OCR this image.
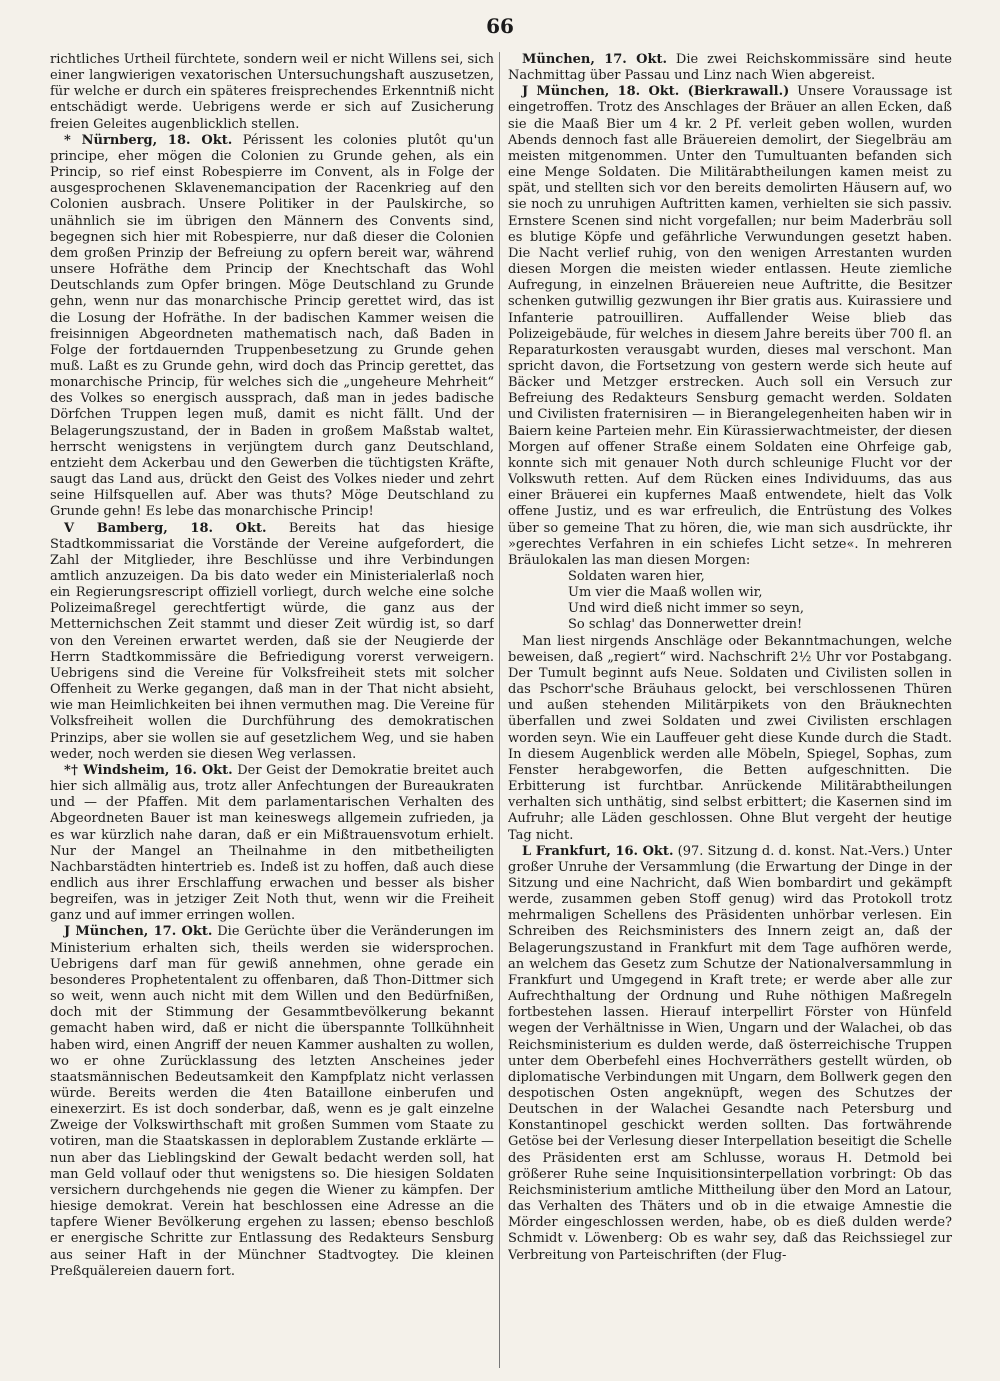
66

richtliches Urtheil fürchtete, sondern weil er nicht Willens sei, sich einer langwierigen vexatorischen Untersuchungshaft auszusetzen, für welche er durch ein späteres freisprechendes Erkenntniß nicht entschädigt werde. Uebrigens werde er sich auf Zusicherung freien Geleites augenblicklich stellen.

* Nürnberg, 18. Okt. Périssent les colonies plutôt qu'un principe, eher mögen die Colonien zu Grunde gehen, als ein Princip, so rief einst Robespierre im Convent, als in Folge der ausgesprochenen Sklavenemancipation der Racenkrieg auf den Colonien ausbrach. Unsere Politiker in der Paulskirche, so unähnlich sie im übrigen den Männern des Convents sind, begegnen sich hier mit Robespierre, nur daß dieser die Colonien dem großen Prinzip der Befreiung zu opfern bereit war, während unsere Hofräthe dem Princip der Knechtschaft das Wohl Deutschlands zum Opfer bringen. Möge Deutschland zu Grunde gehn, wenn nur das monarchische Princip gerettet wird, das ist die Losung der Hofräthe. In der badischen Kammer weisen die freisinnigen Abgeordneten mathematisch nach, daß Baden in Folge der fortdauernden Truppenbesetzung zu Grunde gehen muß. Laßt es zu Grunde gehn, wird doch das Princip gerettet, das monarchische Princip, für welches sich die „ungeheure Mehrheit“ des Volkes so energisch aussprach, daß man in jedes badische Dörfchen Truppen legen muß, damit es nicht fällt. Und der Belagerungszustand, der in Baden in großem Maßstab waltet, herrscht wenigstens in verjüngtem durch ganz Deutschland, entzieht dem Ackerbau und den Gewerben die tüchtigsten Kräfte, saugt das Land aus, drückt den Geist des Volkes nieder und zehrt seine Hilfsquellen auf. Aber was thuts? Möge Deutschland zu Grunde gehn! Es lebe das monarchische Princip!

V Bamberg, 18. Okt. Bereits hat das hiesige Stadtkommissariat die Vorstände der Vereine aufgefordert, die Zahl der Mitglieder, ihre Beschlüsse und ihre Verbindungen amtlich anzuzeigen. Da bis dato weder ein Ministerialerlaß noch ein Regierungsrescript offiziell vorliegt, durch welche eine solche Polizeimaßregel gerechtfertigt würde, die ganz aus der Metternichschen Zeit stammt und dieser Zeit würdig ist, so darf von den Vereinen erwartet werden, daß sie der Neugierde der Herrn Stadtkommissäre die Befriedigung vorerst verweigern. Uebrigens sind die Vereine für Volksfreiheit stets mit solcher Offenheit zu Werke gegangen, daß man in der That nicht absieht, wie man Heimlichkeiten bei ihnen vermuthen mag. Die Vereine für Volksfreiheit wollen die Durchführung des demokratischen Prinzips, aber sie wollen sie auf gesetzlichem Weg, und sie haben weder, noch werden sie diesen Weg verlassen.

*† Windsheim, 16. Okt. Der Geist der Demokratie breitet auch hier sich allmälig aus, trotz aller Anfechtungen der Bureaukraten und — der Pfaffen. Mit dem parlamentarischen Verhalten des Abgeordneten Bauer ist man keineswegs allgemein zufrieden, ja es war kürzlich nahe daran, daß er ein Mißtrauensvotum erhielt. Nur der Mangel an Theilnahme in den mitbetheiligten Nachbarstädten hintertrieb es. Indeß ist zu hoffen, daß auch diese endlich aus ihrer Erschlaffung erwachen und besser als bisher begreifen, was in jetziger Zeit Noth thut, wenn wir die Freiheit ganz und auf immer erringen wollen.

J München, 17. Okt. Die Gerüchte über die Veränderungen im Ministerium erhalten sich, theils werden sie widersprochen. Uebrigens darf man für gewiß annehmen, ohne gerade ein besonderes Prophetentalent zu offenbaren, daß Thon-Dittmer sich so weit, wenn auch nicht mit dem Willen und den Bedürfnißen, doch mit der Stimmung der Gesammtbevölkerung bekannt gemacht haben wird, daß er nicht die überspannte Tollkühnheit haben wird, einen Angriff der neuen Kammer aushalten zu wollen, wo er ohne Zurücklassung des letzten Anscheines jeder staatsmännischen Bedeutsamkeit den Kampfplatz nicht verlassen würde. Bereits werden die 4ten Bataillone einberufen und einexerzirt. Es ist doch sonderbar, daß, wenn es je galt einzelne Zweige der Volkswirthschaft mit großen Summen vom Staate zu votiren, man die Staatskassen in deplorablem Zustande erklärte — nun aber das Lieblingskind der Gewalt bedacht werden soll, hat man Geld vollauf oder thut wenigstens so. Die hiesigen Soldaten versichern durchgehends nie gegen die Wiener zu kämpfen. Der hiesige demokrat. Verein hat beschlossen eine Adresse an die tapfere Wiener Bevölkerung ergehen zu lassen; ebenso beschloß er energische Schritte zur Entlassung des Redakteurs Sensburg aus seiner Haft in der Münchner Stadtvogtey. Die kleinen Preßquälereien dauern fort.

München, 17. Okt. Die zwei Reichskommissäre sind heute Nachmittag über Passau und Linz nach Wien abgereist.

J München, 18. Okt. (Bierkrawall.) Unsere Voraussage ist eingetroffen. Trotz des Anschlages der Bräuer an allen Ecken, daß sie die Maaß Bier um 4 kr. 2 Pf. verleit geben wollen, wurden Abends dennoch fast alle Bräuereien demolirt, der Siegelbräu am meisten mitgenommen. Unter den Tumultuanten befanden sich eine Menge Soldaten. Die Militärabtheilungen kamen meist zu spät, und stellten sich vor den bereits demolirten Häusern auf, wo sie noch zu unruhigen Auftritten kamen, verhielten sie sich passiv. Ernstere Scenen sind nicht vorgefallen; nur beim Maderbräu soll es blutige Köpfe und gefährliche Verwundungen gesetzt haben. Die Nacht verlief ruhig, von den wenigen Arrestanten wurden diesen Morgen die meisten wieder entlassen. Heute ziemliche Aufregung, in einzelnen Bräuereien neue Auftritte, die Besitzer schenken gutwillig gezwungen ihr Bier gratis aus. Kuirassiere und Infanterie patrouilliren. Auffallender Weise blieb das Polizeigebäude, für welches in diesem Jahre bereits über 700 fl. an Reparaturkosten verausgabt wurden, dieses mal verschont. Man spricht davon, die Fortsetzung von gestern werde sich heute auf Bäcker und Metzger erstrecken. Auch soll ein Versuch zur Befreiung des Redakteurs Sensburg gemacht werden. Soldaten und Civilisten fraternisiren — in Bierangelegenheiten haben wir in Baiern keine Parteien mehr. Ein Kürassierwachtmeister, der diesen Morgen auf offener Straße einem Soldaten eine Ohrfeige gab, konnte sich mit genauer Noth durch schleunige Flucht vor der Volkswuth retten. Auf dem Rücken eines Individuums, das aus einer Bräuerei ein kupfernes Maaß entwendete, hielt das Volk offene Justiz, und es war erfreulich, die Entrüstung des Volkes über so gemeine That zu hören, die, wie man sich ausdrückte, ihr »gerechtes Verfahren in ein schiefes Licht setze«. In mehreren Bräulokalen las man diesen Morgen:

Soldaten waren hier,

Um vier die Maaß wollen wir,

Und wird dieß nicht immer so seyn,

So schlag' das Donnerwetter drein!

Man liest nirgends Anschläge oder Bekanntmachungen, welche beweisen, daß „regiert“ wird. Nachschrift 2½ Uhr vor Postabgang. Der Tumult beginnt aufs Neue. Soldaten und Civilisten sollen in das Pschorr'sche Bräuhaus gelockt, bei verschlossenen Thüren und außen stehenden Militärpikets von den Bräuknechten überfallen und zwei Soldaten und zwei Civilisten erschlagen worden seyn. Wie ein Lauffeuer geht diese Kunde durch die Stadt. In diesem Augenblick werden alle Möbeln, Spiegel, Sophas, zum Fenster herabgeworfen, die Betten aufgeschnitten. Die Erbitterung ist furchtbar. Anrückende Militärabtheilungen verhalten sich unthätig, sind selbst erbittert; die Kasernen sind im Aufruhr; alle Läden geschlossen. Ohne Blut vergeht der heutige Tag nicht.

L Frankfurt, 16. Okt. (97. Sitzung d. d. konst. Nat.-Vers.) Unter großer Unruhe der Versammlung (die Erwartung der Dinge in der Sitzung und eine Nachricht, daß Wien bombardirt und gekämpft werde, zusammen geben Stoff genug) wird das Protokoll trotz mehrmaligen Schellens des Präsidenten unhörbar verlesen. Ein Schreiben des Reichsministers des Innern zeigt an, daß der Belagerungszustand in Frankfurt mit dem Tage aufhören werde, an welchem das Gesetz zum Schutze der Nationalversammlung in Frankfurt und Umgegend in Kraft trete; er werde aber alle zur Aufrechthaltung der Ordnung und Ruhe nöthigen Maßregeln fortbestehen lassen. Hierauf interpellirt Förster von Hünfeld wegen der Verhältnisse in Wien, Ungarn und der Walachei, ob das Reichsministerium es dulden werde, daß österreichische Truppen unter dem Oberbefehl eines Hochverräthers gestellt würden, ob diplomatische Verbindungen mit Ungarn, dem Bollwerk gegen den despotischen Osten angeknüpft, wegen des Schutzes der Deutschen in der Walachei Gesandte nach Petersburg und Konstantinopel geschickt werden sollten. Das fortwährende Getöse bei der Verlesung dieser Interpellation beseitigt die Schelle des Präsidenten erst am Schlusse, woraus H. Detmold bei größerer Ruhe seine Inquisitionsinterpellation vorbringt: Ob das Reichsministerium amtliche Mittheilung über den Mord an Latour, das Verhalten des Thäters und ob in die etwaige Amnestie die Mörder eingeschlossen werden, habe, ob es dieß dulden werde? Schmidt v. Löwenberg: Ob es wahr sey, daß das Reichssiegel zur Verbreitung von Parteischriften (der Flug-
